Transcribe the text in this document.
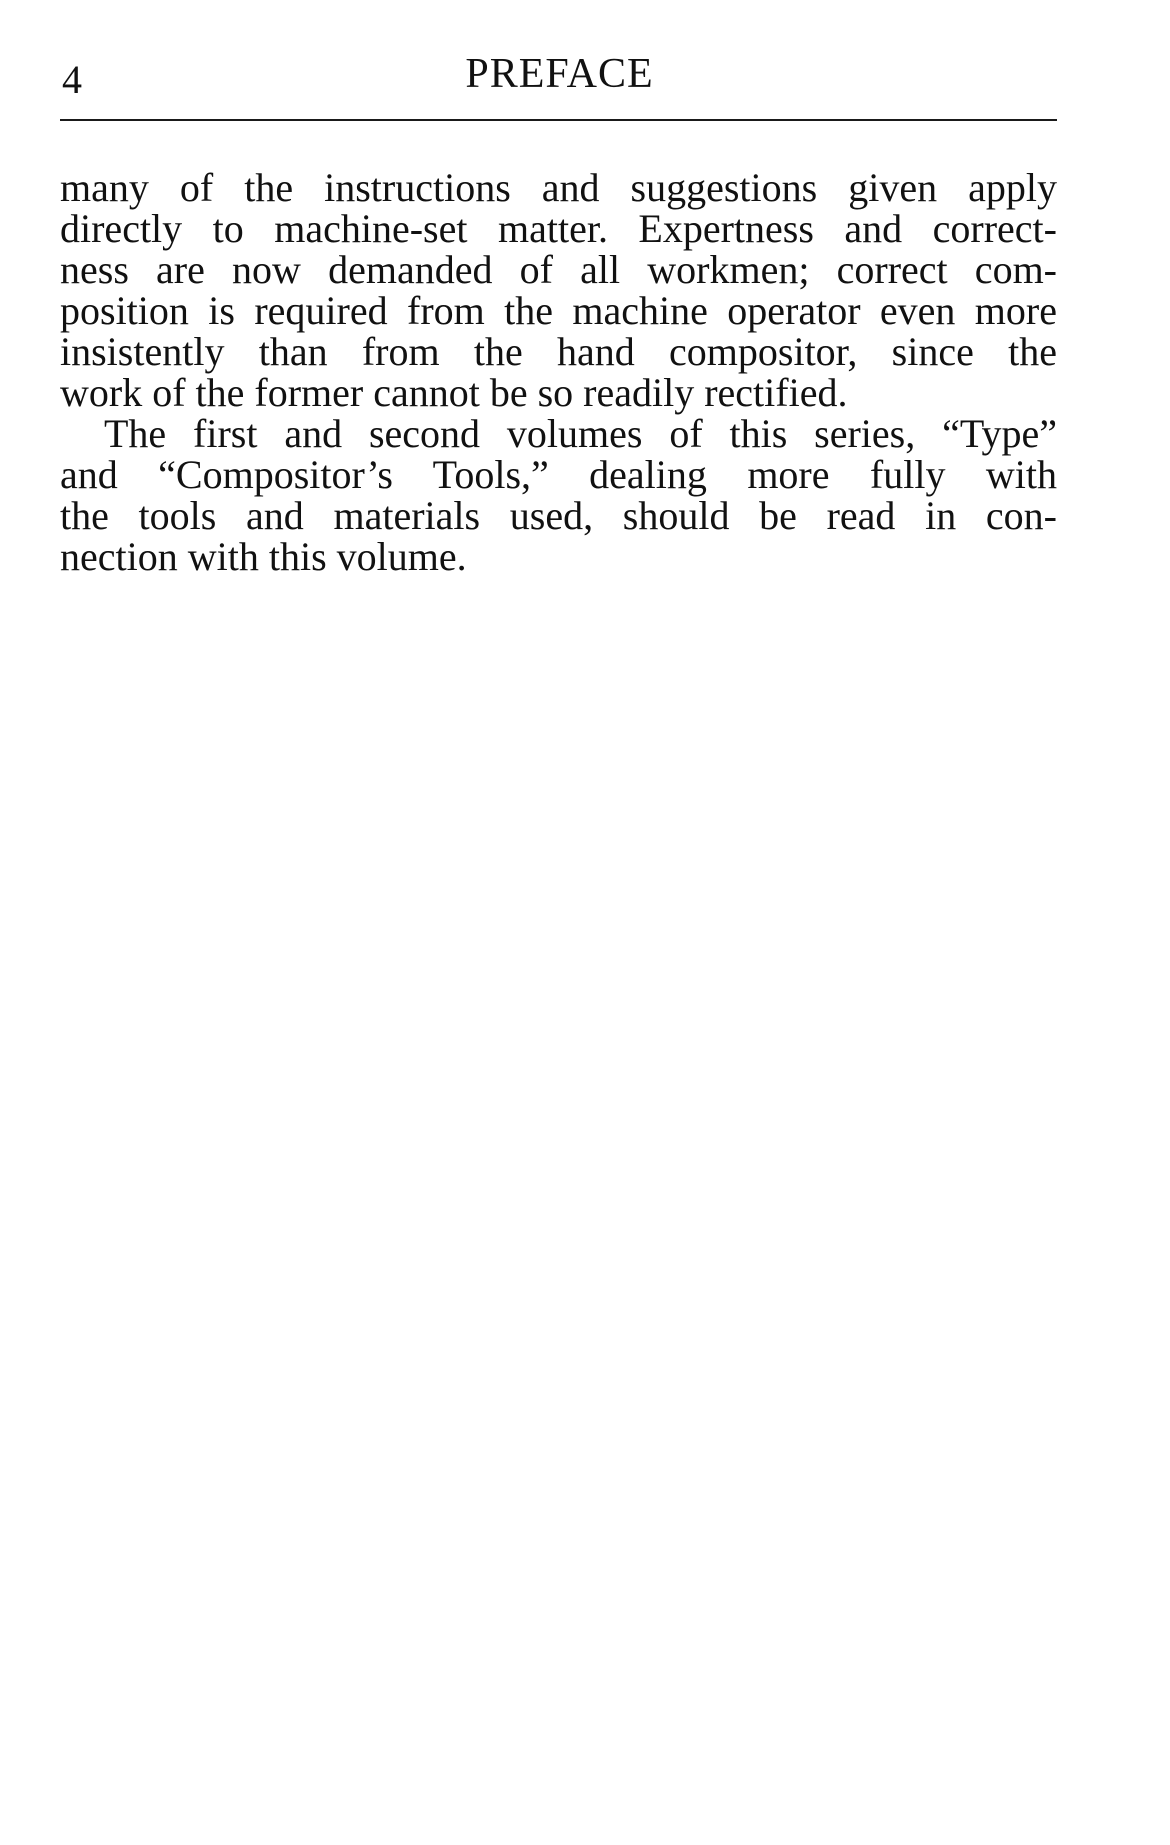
4	PREFACE
many of the instructions and suggestions given apply
directly to machine-set matter. Expertness and correct-
ness are now demanded of all workmen; correct com-
position is required from the machine operator even more
insistently than from the hand compositor, since the
work of the former cannot be so readily rectified.
The first and second volumes of this series, “Type”
and “Compositor’s Tools,” dealing more fully with
the tools and materials used, should be read in con-
nection with this volume.
